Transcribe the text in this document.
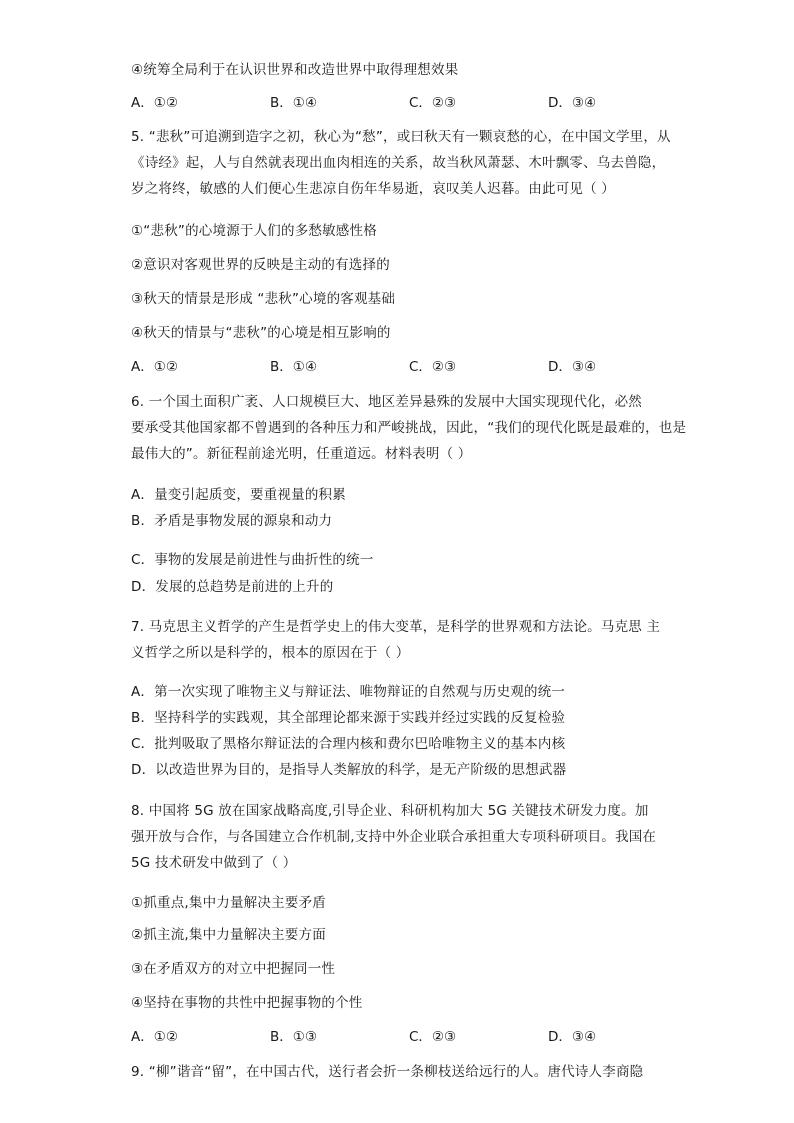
④统筹全局利于在认识世界和改造世界中取得理想效果
A．①②	B．①④	C．②③	D．③④
5. “悲秋”可追溯到造字之初，秋心为“愁”，或曰秋天有一颗哀愁的心，在中国文学里，从
《诗经》起，人与自然就表现出血肉相连的关系，故当秋风萧瑟、木叶飘零、乌去兽隐，
岁之将终，敏感的人们便心生悲凉自伤年华易逝，哀叹美人迟暮。由此可见（ ）
①“悲秋”的心境源于人们的多愁敏感性格
②意识对客观世界的反映是主动的有选择的
③秋天的情景是形成 “悲秋”心境的客观基础
④秋天的情景与“悲秋”的心境是相互影响的
A．①②	B．①④	C．②③	D．③④
6. 一个国土面积广袤、人口规模巨大、地区差异悬殊的发展中大国实现现代化，必然
要承受其他国家都不曾遇到的各种压力和严峻挑战，因此，“我们的现代化既是最难的，也是
最伟大的”。新征程前途光明，任重道远。材料表明（ ）
A．量变引起质变，要重视量的积累
B．矛盾是事物发展的源泉和动力
C．事物的发展是前进性与曲折性的统一
D．发展的总趋势是前进的上升的
7. 马克思主义哲学的产生是哲学史上的伟大变革，是科学的世界观和方法论。马克思 主
义哲学之所以是科学的，根本的原因在于（ ）
A．第一次实现了唯物主义与辩证法、唯物辩证的自然观与历史观的统一
B．坚持科学的实践观，其全部理论都来源于实践并经过实践的反复检验
C．批判吸取了黑格尔辩证法的合理内核和费尔巴哈唯物主义的基本内核
D．以改造世界为目的，是指导人类解放的科学，是无产阶级的思想武器
8. 中国将 5G 放在国家战略高度,引导企业、科研机构加大 5G 关键技术研发力度。加
强开放与合作，与各国建立合作机制,支持中外企业联合承担重大专项科研项目。我国在
5G 技术研发中做到了（ ）
①抓重点,集中力量解决主要矛盾
②抓主流,集中力量解决主要方面
③在矛盾双方的对立中把握同一性
④坚持在事物的共性中把握事物的个性
A．①②	B．①③	C．②③	D．③④
9. “柳”谐音“留”，在中国古代，送行者会折一条柳枝送给远行的人。唐代诗人李商隐
